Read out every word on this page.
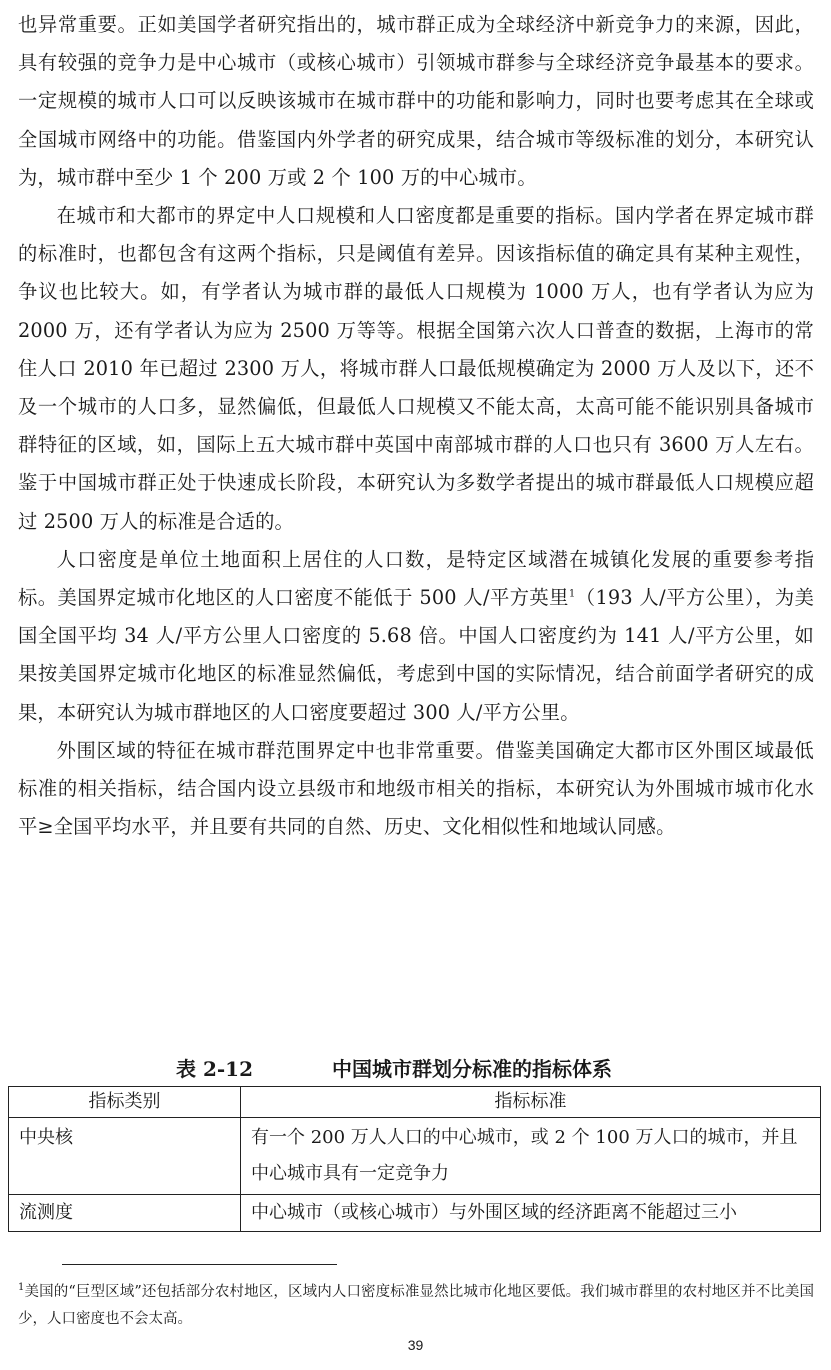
也异常重要。正如美国学者研究指出的，城市群正成为全球经济中新竞争力的来源，因此，具有较强的竞争力是中心城市（或核心城市）引领城市群参与全球经济竞争最基本的要求。一定规模的城市人口可以反映该城市在城市群中的功能和影响力，同时也要考虑其在全球或全国城市网络中的功能。借鉴国内外学者的研究成果，结合城市等级标准的划分，本研究认为，城市群中至少 1 个 200 万或 2 个 100 万的中心城市。

在城市和大都市的界定中人口规模和人口密度都是重要的指标。国内学者在界定城市群的标准时，也都包含有这两个指标，只是阈值有差异。因该指标值的确定具有某种主观性，争议也比较大。如，有学者认为城市群的最低人口规模为 1000 万人，也有学者认为应为 2000 万，还有学者认为应为 2500 万等等。根据全国第六次人口普查的数据，上海市的常住人口 2010 年已超过 2300 万人，将城市群人口最低规模确定为 2000 万人及以下，还不及一个城市的人口多，显然偏低，但最低人口规模又不能太高，太高可能不能识别具备城市群特征的区域，如，国际上五大城市群中英国中南部城市群的人口也只有 3600 万人左右。鉴于中国城市群正处于快速成长阶段，本研究认为多数学者提出的城市群最低人口规模应超过 2500 万人的标准是合适的。

人口密度是单位土地面积上居住的人口数，是特定区域潜在城镇化发展的重要参考指标。美国界定城市化地区的人口密度不能低于 500 人/平方英里$^1$（193 人/平方公里），为美国全国平均 34 人/平方公里人口密度的 5.68 倍。中国人口密度约为 141 人/平方公里，如果按美国界定城市化地区的标准显然偏低，考虑到中国的实际情况，结合前面学者研究的成果，本研究认为城市群地区的人口密度要超过 300 人/平方公里。

外围区域的特征在城市群范围界定中也非常重要。借鉴美国确定大都市区外围区域最低标准的相关指标，结合国内设立县级市和地级市相关的指标，本研究认为外围城市城市化水平≥全国平均水平，并且要有共同的自然、历史、文化相似性和地域认同感。

表 2-12	中国城市群划分标准的指标体系
指标类别	指标标准
中央核	有一个 200 万人人口的中心城市，或 2 个 100 万人口的城市，并且中心城市具有一定竞争力
流测度	中心城市（或核心城市）与外围区域的经济距离不能超过三小
$^1$美国的“巨型区域”还包括部分农村地区，区域内人口密度标准显然比城市化地区要低。我们城市群里的农村地区并不比美国少，人口密度也不会太高。
39
